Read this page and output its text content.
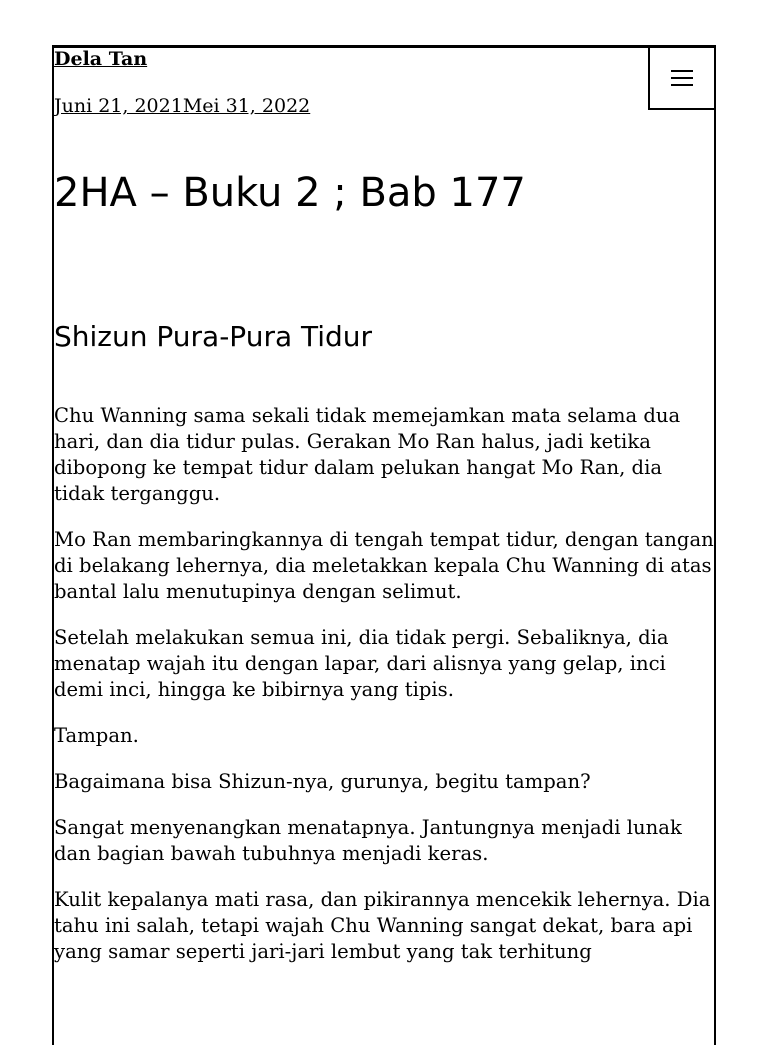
Dela Tan
Juni 21, 2021Mei 31, 2022
2HA – Buku 2 ; Bab 177
Shizun Pura-Pura Tidur

Chu Wanning sama sekali tidak memejamkan mata selama dua hari, dan dia tidur pulas. Gerakan Mo Ran halus, jadi ketika dibopong ke tempat tidur dalam pelukan hangat Mo Ran, dia tidak terganggu.

Mo Ran membaringkannya di tengah tempat tidur, dengan tangan di belakang lehernya, dia meletakkan kepala Chu Wanning di atas bantal lalu menutupinya dengan selimut.

Setelah melakukan semua ini, dia tidak pergi. Sebaliknya, dia menatap wajah itu dengan lapar, dari alisnya yang gelap, inci demi inci, hingga ke bibirnya yang tipis.

Tampan.

Bagaimana bisa Shizun-nya, gurunya, begitu tampan?

Sangat menyenangkan menatapnya. Jantungnya menjadi lunak dan bagian bawah tubuhnya menjadi keras.

Kulit kepalanya mati rasa, dan pikirannya mencekik lehernya. Dia tahu ini salah, tetapi wajah Chu Wanning sangat dekat, bara api yang samar seperti jari-jari lembut yang tak terhitung
